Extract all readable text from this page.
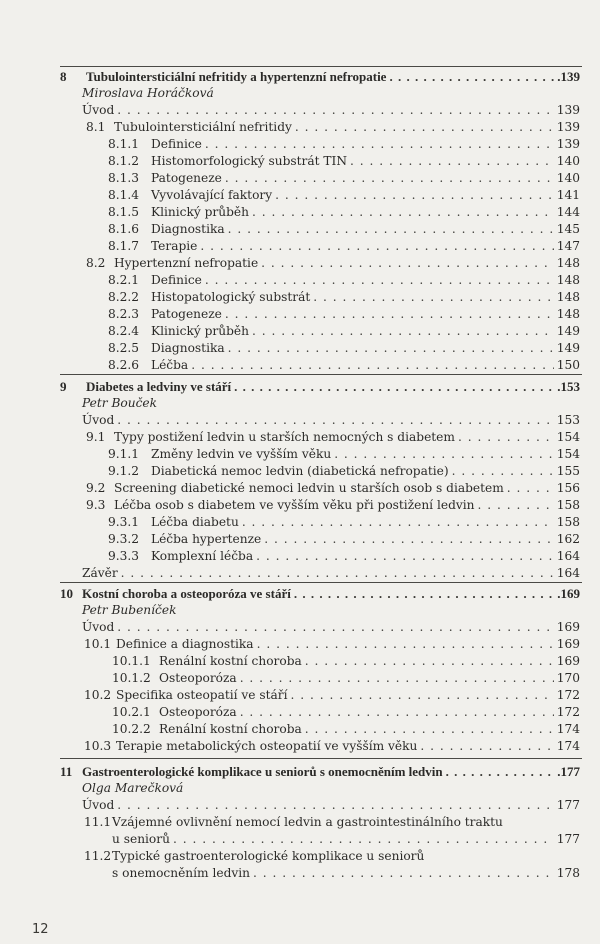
8	Tubulointersticiální nefritidy a hypertenzní nefropatie . . .	.139
Miroslava Horáčková
Úvod . . .	139
8.1 Tubulointersticiální nefritidy . . .	139
8.1.1 Definice . . .	139
8.1.2 Histomorfologický substrát TIN . . .	140
8.1.3 Patogeneze . . .	140
8.1.4 Vyvolávající faktory . . .	141
8.1.5 Klinický průběh . . .	144
8.1.6 Diagnostika . . .	145
8.1.7 Terapie . . .	147
8.2 Hypertenzní nefropatie . . .	148
8.2.1 Definice . . .	148
8.2.2 Histopatologický substrát . . .	148
8.2.3 Patogeneze . . .	148
8.2.4 Klinický průběh . . .	149
8.2.5 Diagnostika . . .	149
8.2.6 Léčba . . .	150
9	Diabetes a ledviny ve stáří . . .	.153
Petr Bouček
Úvod . . .	153
9.1 Typy postižení ledvin u starších nemocných s diabetem . . .	154
9.1.1 Změny ledvin ve vyšším věku . . .	154
9.1.2 Diabetická nemoc ledvin (diabetická nefropatie) . . .	155
9.2 Screening diabetické nemoci ledvin u starších osob s diabetem . . .	156
9.3 Léčba osob s diabetem ve vyšším věku při postižení ledvin . . .	158
9.3.1 Léčba diabetu . . .	158
9.3.2 Léčba hypertenze . . .	162
9.3.3 Komplexní léčba . . .	164
Závěr . . .	164
10 Kostní choroba a osteoporóza ve stáří . . .	.169
Petr Bubeníček
Úvod . . .	169
10.1 Definice a diagnostika . . .	169
10.1.1 Renální kostní choroba . . .	169
10.1.2 Osteoporóza . . .	170
10.2 Specifika osteopatií ve stáří . . .	172
10.2.1 Osteoporóza . . .	172
10.2.2 Renální kostní choroba . . .	174
10.3 Terapie metabolických osteopatií ve vyšším věku . . .	174
11 Gastroenterologické komplikace u seniorů s onemocněním ledvin . . .	.177
Olga Marečková
Úvod . . .	177
11.1 Vzájemné ovlivnění nemocí ledvin a gastrointestinálního traktu
u seniorů . . .	177
11.2 Typické gastroenterologické komplikace u seniorů
s onemocněním ledvin . . .	178
12
